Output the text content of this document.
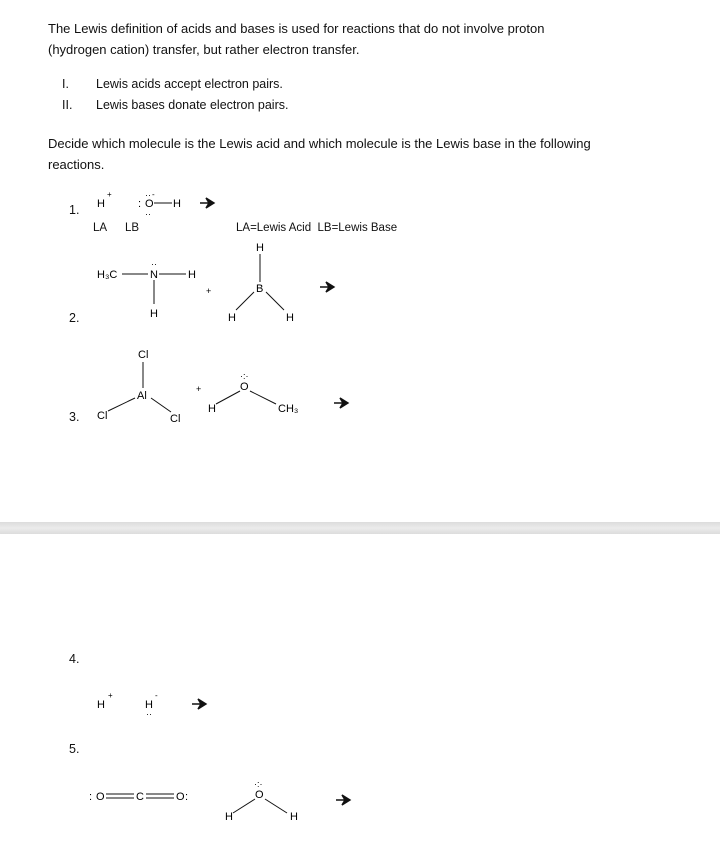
The Lewis definition of acids and bases is used for reactions that do not involve proton
(hydrogen cation) transfer, but rather electron transfer.
I. Lewis acids accept electron pairs.
II. Lewis bases donate electron pairs.
Decide which molecule is the Lewis acid and which molecule is the Lewis base in the following
reactions.
1.
LA LB	LA=Lewis Acid  LB=Lewis Base
2.
3.
H
+
: O
··
··
-
H
H₃C	N
··
H
H
+
H
B
H	H
Cl
Al
Cl	Cl
+
H
O
·:·
CH₃
4.
5.
H
+
H
-
··
: O	C	O :
H
O
·:·
H
